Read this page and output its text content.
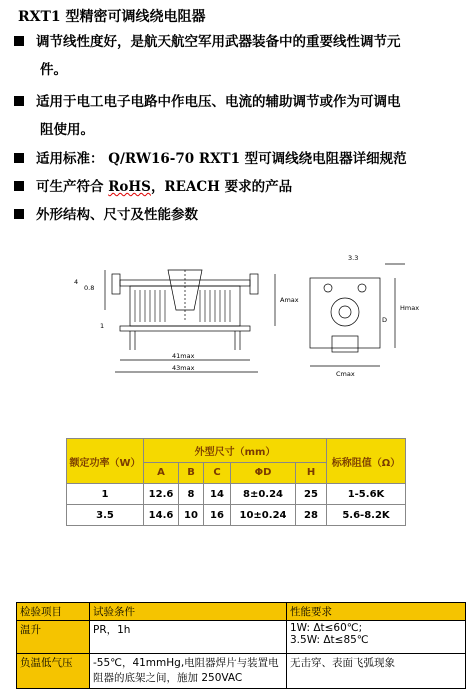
RXT1 型精密可调线绕电阻器
调节线性度好，是航天航空军用武器装备中的重要线性调节元
件。
适用于电工电子电路中作电压、电流的辅助调节或作为可调电
阻使用。
适用标准： Q/RW16-70 RXT1 型可调线绕电阻器详细规范
可生产符合 RoHS，REACH 要求的产品
外形结构、尺寸及性能参数
4
0.8
1
41max
43max
Amax
3.3
D
Cmax
Hmax
额定功率（W）	外型尺寸（mm）					标称阻值（Ω）
	A	B	C	ΦD	H	
1	12.6	8	14	8±0.24	25	1-5.6K
3.5	14.6	10	16	10±0.24	28	5.6-8.2K
检验项目	试验条件	性能要求
温升	PR，1h	1W: Δt≤60℃;
3.5W: Δt≤85℃

负温低气压	-55℃，41mmHg,电阻器焊片与装置电阻器的底架之间，施加 250VAC	无击穿、表面飞弧现象
